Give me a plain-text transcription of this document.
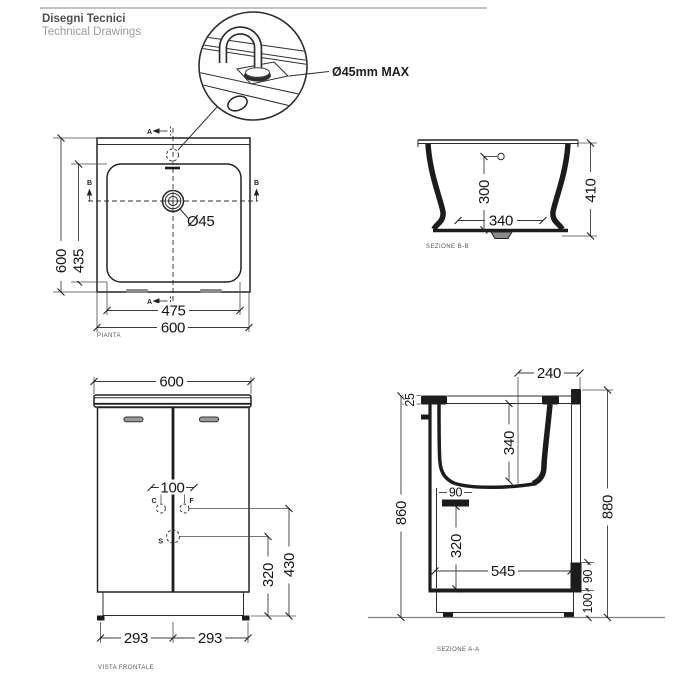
Disegni Tecnici
Technical Drawings
Ø45mm MAX
Ø45
A
A
B	B
600 435
475
600
PIANTA
300
340
410
SEZIONE B-B
600
100
C	F
S
430
320
293	293
VISTA FRONTALE
240
25
340
90
320
545
860	880
90
100
SEZIONE A-A
